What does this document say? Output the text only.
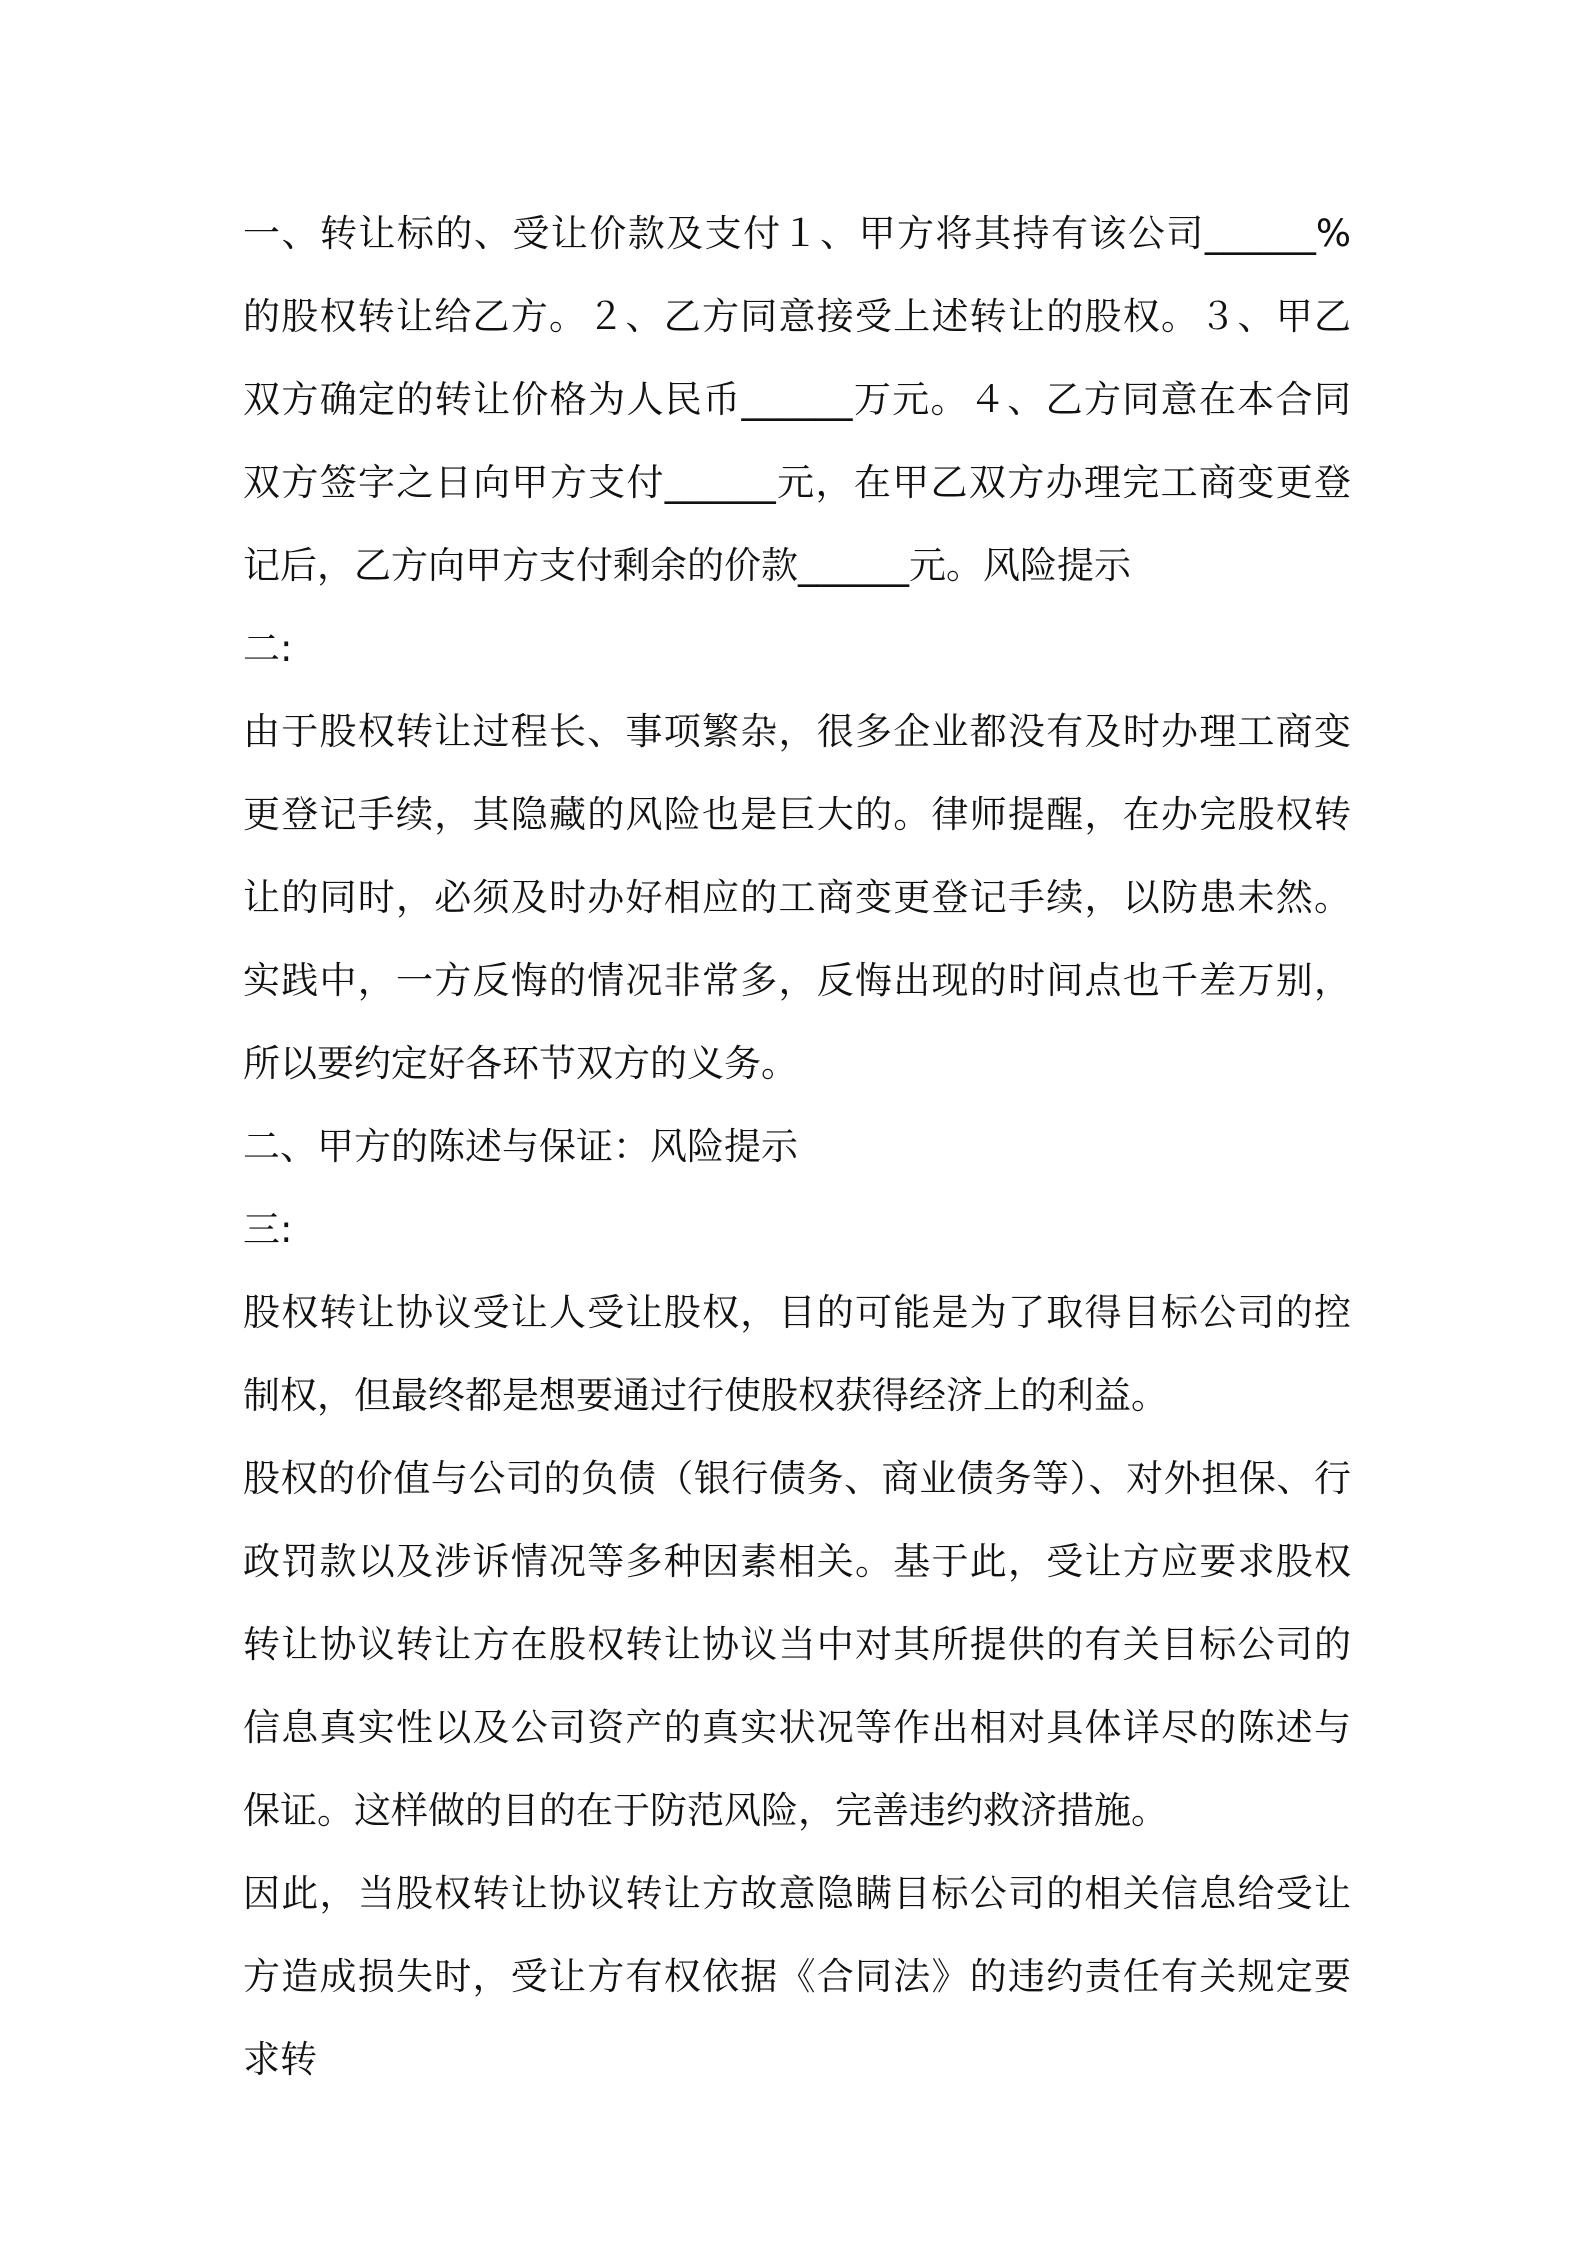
一、转让标的、受让价款及支付１、甲方将其持有该公司______%的股权转让给乙方。２、乙方同意接受上述转让的股权。３、甲乙双方确定的转让价格为人民币______万元。４、乙方同意在本合同双方签字之日向甲方支付______元，在甲乙双方办理完工商变更登记后，乙方向甲方支付剩余的价款______元。风险提示

二:

由于股权转让过程长、事项繁杂，很多企业都没有及时办理工商变更登记手续，其隐藏的风险也是巨大的。律师提醒，在办完股权转让的同时，必须及时办好相应的工商变更登记手续，以防患未然。实践中，一方反悔的情况非常多，反悔出现的时间点也千差万别，所以要约定好各环节双方的义务。

二、甲方的陈述与保证：风险提示

三:

股权转让协议受让人受让股权，目的可能是为了取得目标公司的控制权，但最终都是想要通过行使股权获得经济上的利益。

股权的价值与公司的负债（银行债务、商业债务等）、对外担保、行政罚款以及涉诉情况等多种因素相关。基于此，受让方应要求股权转让协议转让方在股权转让协议当中对其所提供的有关目标公司的信息真实性以及公司资产的真实状况等作出相对具体详尽的陈述与保证。这样做的目的在于防范风险，完善违约救济措施。

因此，当股权转让协议转让方故意隐瞒目标公司的相关信息给受让方造成损失时，受让方有权依据《合同法》的违约责任有关规定要求转
